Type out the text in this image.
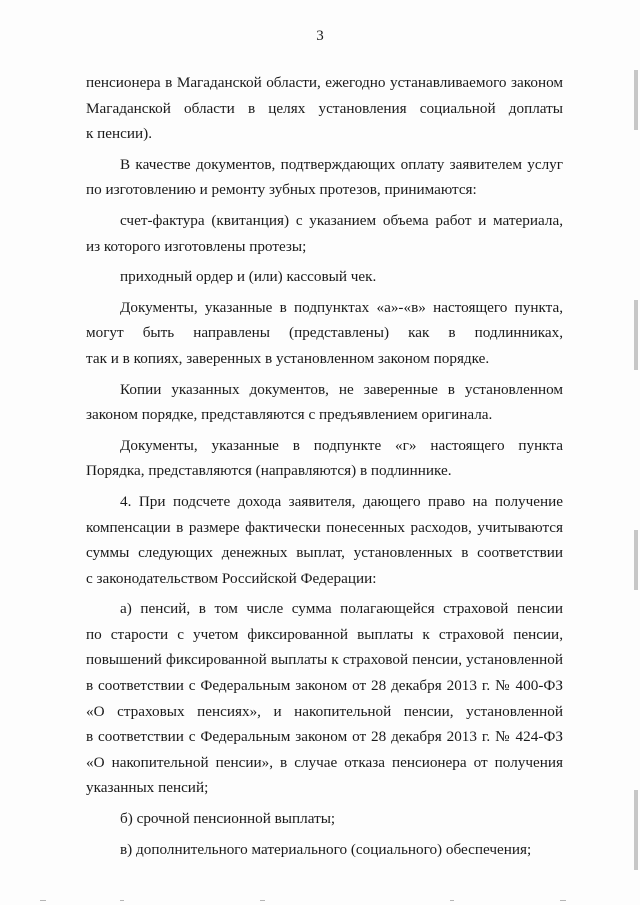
3
пенсионера в Магаданской области, ежегодно устанавливаемого законом
Магаданской области в целях установления социальной доплаты
к пенсии).
В качестве документов, подтверждающих оплату заявителем услуг
по изготовлению и ремонту зубных протезов, принимаются:
счет-фактура (квитанция) с указанием объема работ и материала,
из которого изготовлены протезы;
приходный ордер и (или) кассовый чек.
Документы, указанные в подпунктах «а»-«в» настоящего пункта,
могут быть направлены (представлены) как в подлинниках,
так и в копиях, заверенных в установленном законом порядке.
Копии указанных документов, не заверенные в установленном
законом порядке, представляются с предъявлением оригинала.
Документы, указанные в подпункте «г» настоящего пункта
Порядка, представляются (направляются) в подлиннике.
4. При подсчете дохода заявителя, дающего право на получение
компенсации в размере фактически понесенных расходов, учитываются
суммы следующих денежных выплат, установленных в соответствии
с законодательством Российской Федерации:
а) пенсий, в том числе сумма полагающейся страховой пенсии
по старости с учетом фиксированной выплаты к страховой пенсии,
повышений фиксированной выплаты к страховой пенсии, установленной
в соответствии с Федеральным законом от 28 декабря 2013 г. № 400-ФЗ
«О страховых пенсиях», и накопительной пенсии, установленной
в соответствии с Федеральным законом от 28 декабря 2013 г. № 424-ФЗ
«О накопительной пенсии», в случае отказа пенсионера от получения
указанных пенсий;
б) срочной пенсионной выплаты;
в) дополнительного материального (социального) обеспечения;
